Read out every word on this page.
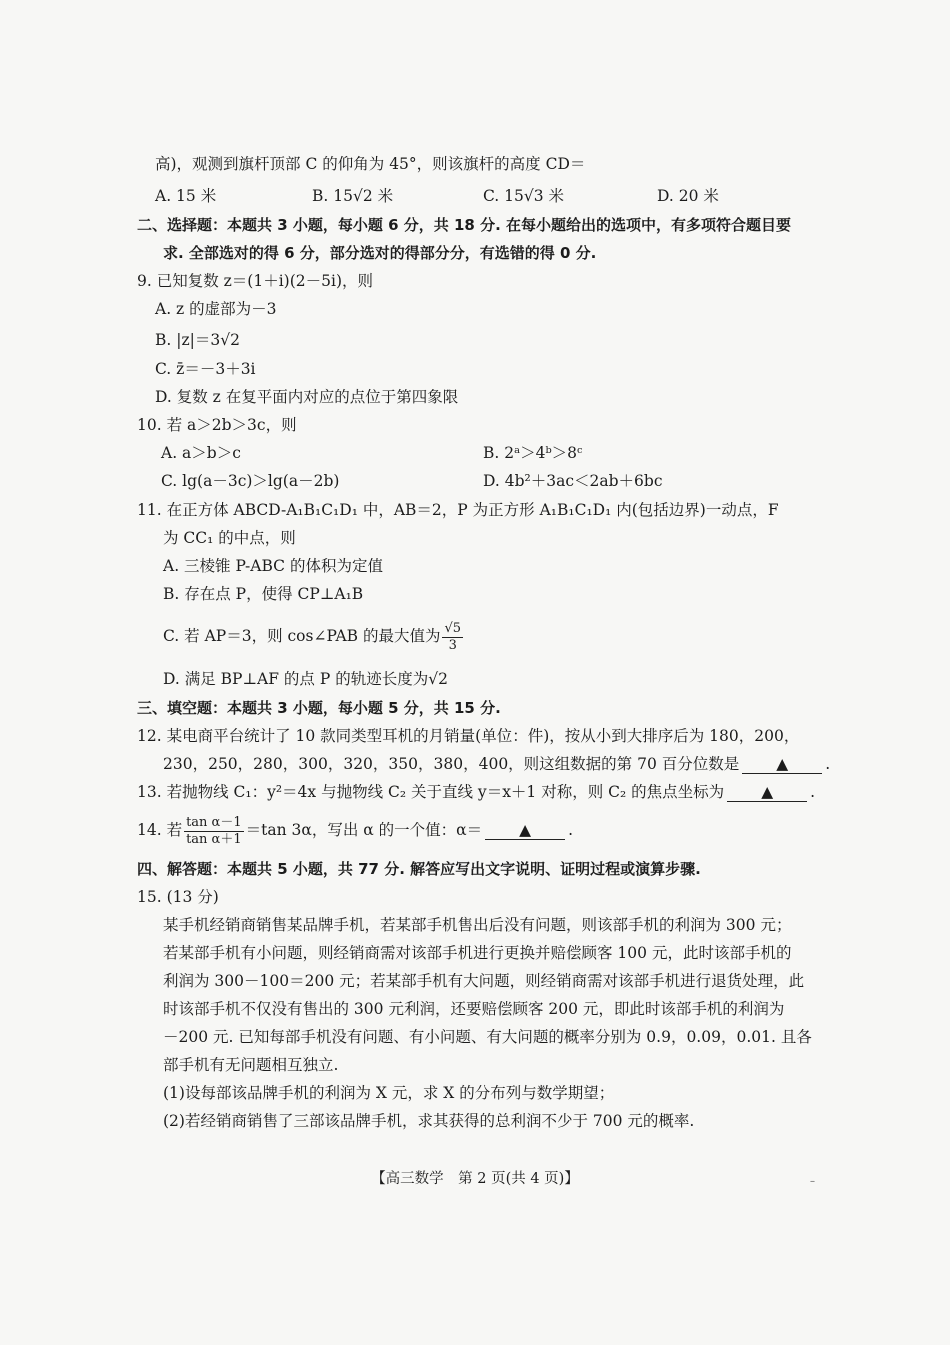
高)，观测到旗杆顶部 C 的仰角为 45°，则该旗杆的高度 CD＝
A. 15 米	B. 15√2 米	C. 15√3 米	D. 20 米
二、选择题：本题共 3 小题，每小题 6 分，共 18 分. 在每小题给出的选项中，有多项符合题目要
求. 全部选对的得 6 分，部分选对的得部分分，有选错的得 0 分.
9. 已知复数 z＝(1＋i)(2－5i)，则
A. z 的虚部为－3
B. |z|＝3√2
C. z̄＝－3＋3i
D. 复数 z 在复平面内对应的点位于第四象限
10. 若 a＞2b＞3c，则
A. a＞b＞c	B. 2ᵃ＞4ᵇ＞8ᶜ
C. lg(a－3c)＞lg(a－2b)	D. 4b²＋3ac＜2ab＋6bc
11. 在正方体 ABCD-A₁B₁C₁D₁ 中，AB＝2，P 为正方形 A₁B₁C₁D₁ 内(包括边界)一动点，F
为 CC₁ 的中点，则
A. 三棱锥 P-ABC 的体积为定值
B. 存在点 P，使得 CP⊥A₁B
C. 若 AP＝3，则 cos∠PAB 的最大值为 $\frac{√5}{3}$
D. 满足 BP⊥AF 的点 P 的轨迹长度为√2
三、填空题：本题共 3 小题，每小题 5 分，共 15 分.
12. 某电商平台统计了 10 款同类型耳机的月销量(单位：件)，按从小到大排序后为 180，200，
230，250，280，300，320，350，380，400，则这组数据的第 70 百分位数是 ▲ .
13. 若抛物线 C₁：y²＝4x 与抛物线 C₂ 关于直线 y＝x＋1 对称，则 C₂ 的焦点坐标为 ▲ .
14. 若 $\frac{\text{tan α－1}}{\text{tan α＋1}} =\tan$ 3α，写出 α 的一个值：α＝ ▲ .
四、解答题：本题共 5 小题，共 77 分. 解答应写出文字说明、证明过程或演算步骤.
15. (13 分)
某手机经销商销售某品牌手机，若某部手机售出后没有问题，则该部手机的利润为 300 元；
若某部手机有小问题，则经销商需对该部手机进行更换并赔偿顾客 100 元，此时该部手机的
利润为 300－100＝200 元；若某部手机有大问题，则经销商需对该部手机进行退货处理，此
时该部手机不仅没有售出的 300 元利润，还要赔偿顾客 200 元，即此时该部手机的利润为
－200 元. 已知每部手机没有问题、有小问题、有大问题的概率分别为 0.9，0.09，0.01. 且各
部手机有无问题相互独立.
(1)设每部该品牌手机的利润为 X 元，求 X 的分布列与数学期望；
(2)若经销商销售了三部该品牌手机，求其获得的总利润不少于 700 元的概率.
【高三数学　第 2 页(共 4 页)】	–
